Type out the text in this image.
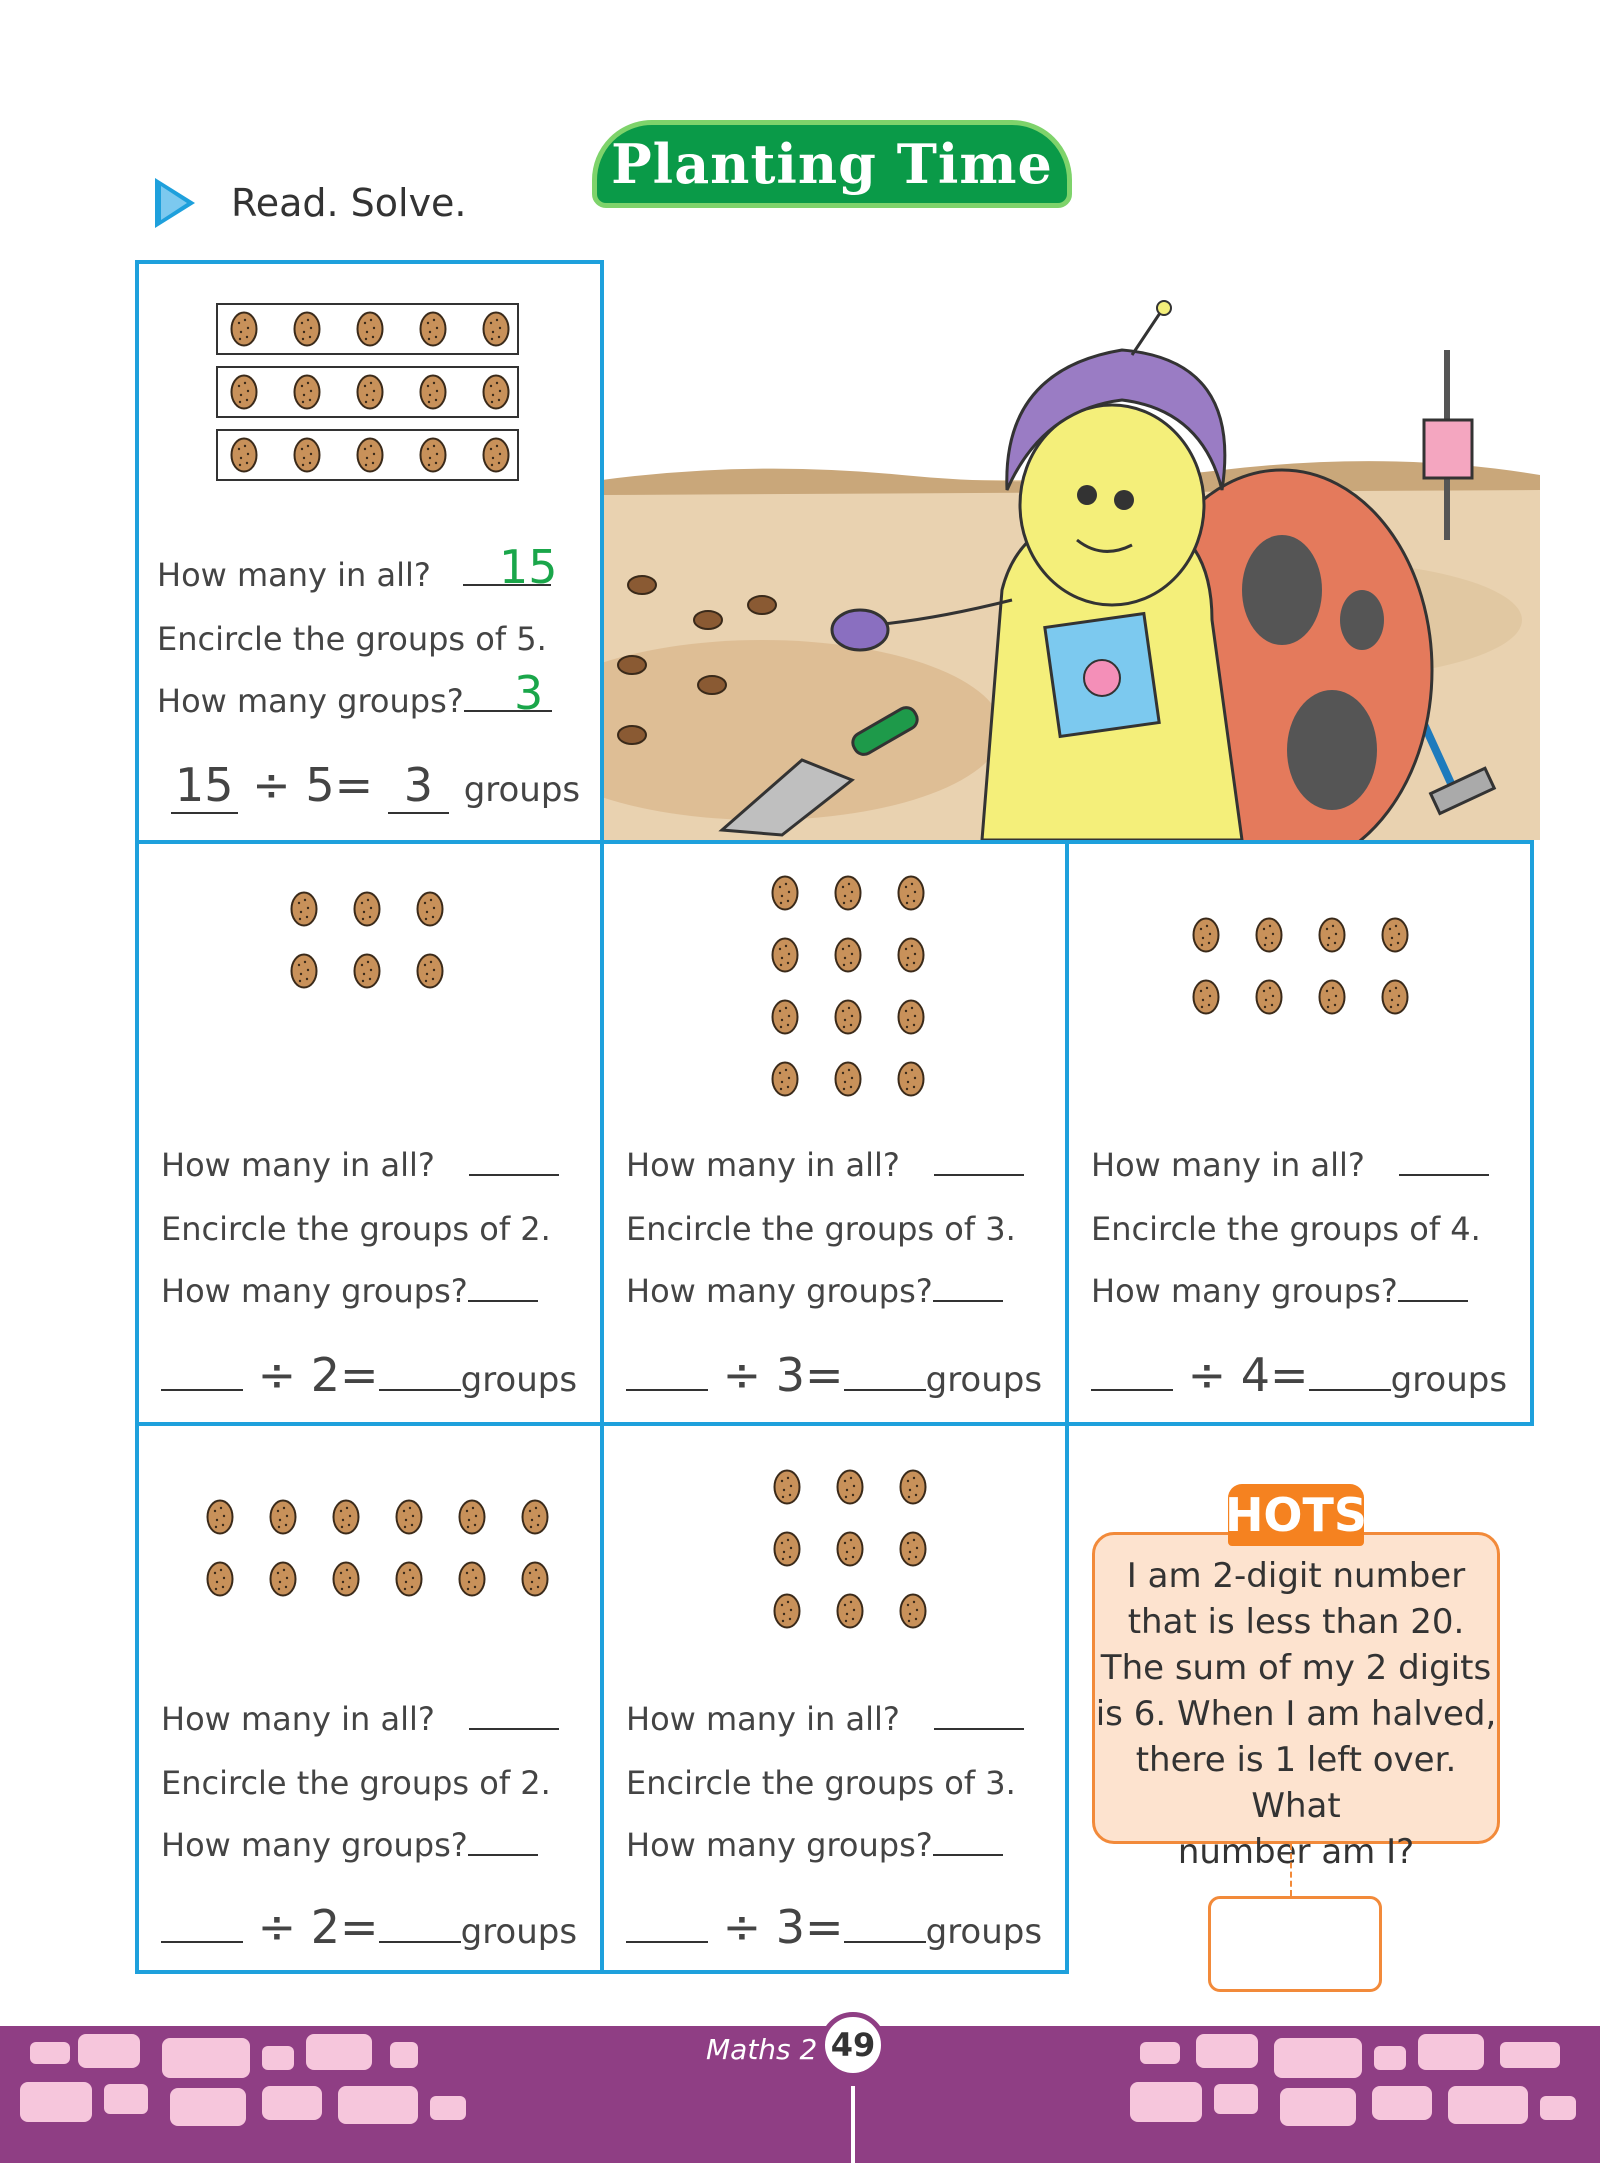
Planting Time
Read. Solve.
How many in all?	15
Encircle the groups of 5.
How many groups?	3
15 ÷ 5= 3 groups
How many in all?
Encircle the groups of 2.
How many groups?
÷ 2= groups
How many in all?
Encircle the groups of 3.
How many groups?
÷ 3= groups
How many in all?
Encircle the groups of 4.
How many groups?
÷ 4= groups
How many in all?
Encircle the groups of 2.
How many groups?
÷ 2= groups
How many in all?
Encircle the groups of 3.
How many groups?
÷ 3= groups
HOTS
I am 2-digit number
that is less than 20.
The sum of my 2 digits
is 6. When I am halved,
there is 1 left over. What
number am I?
Maths 2 49
